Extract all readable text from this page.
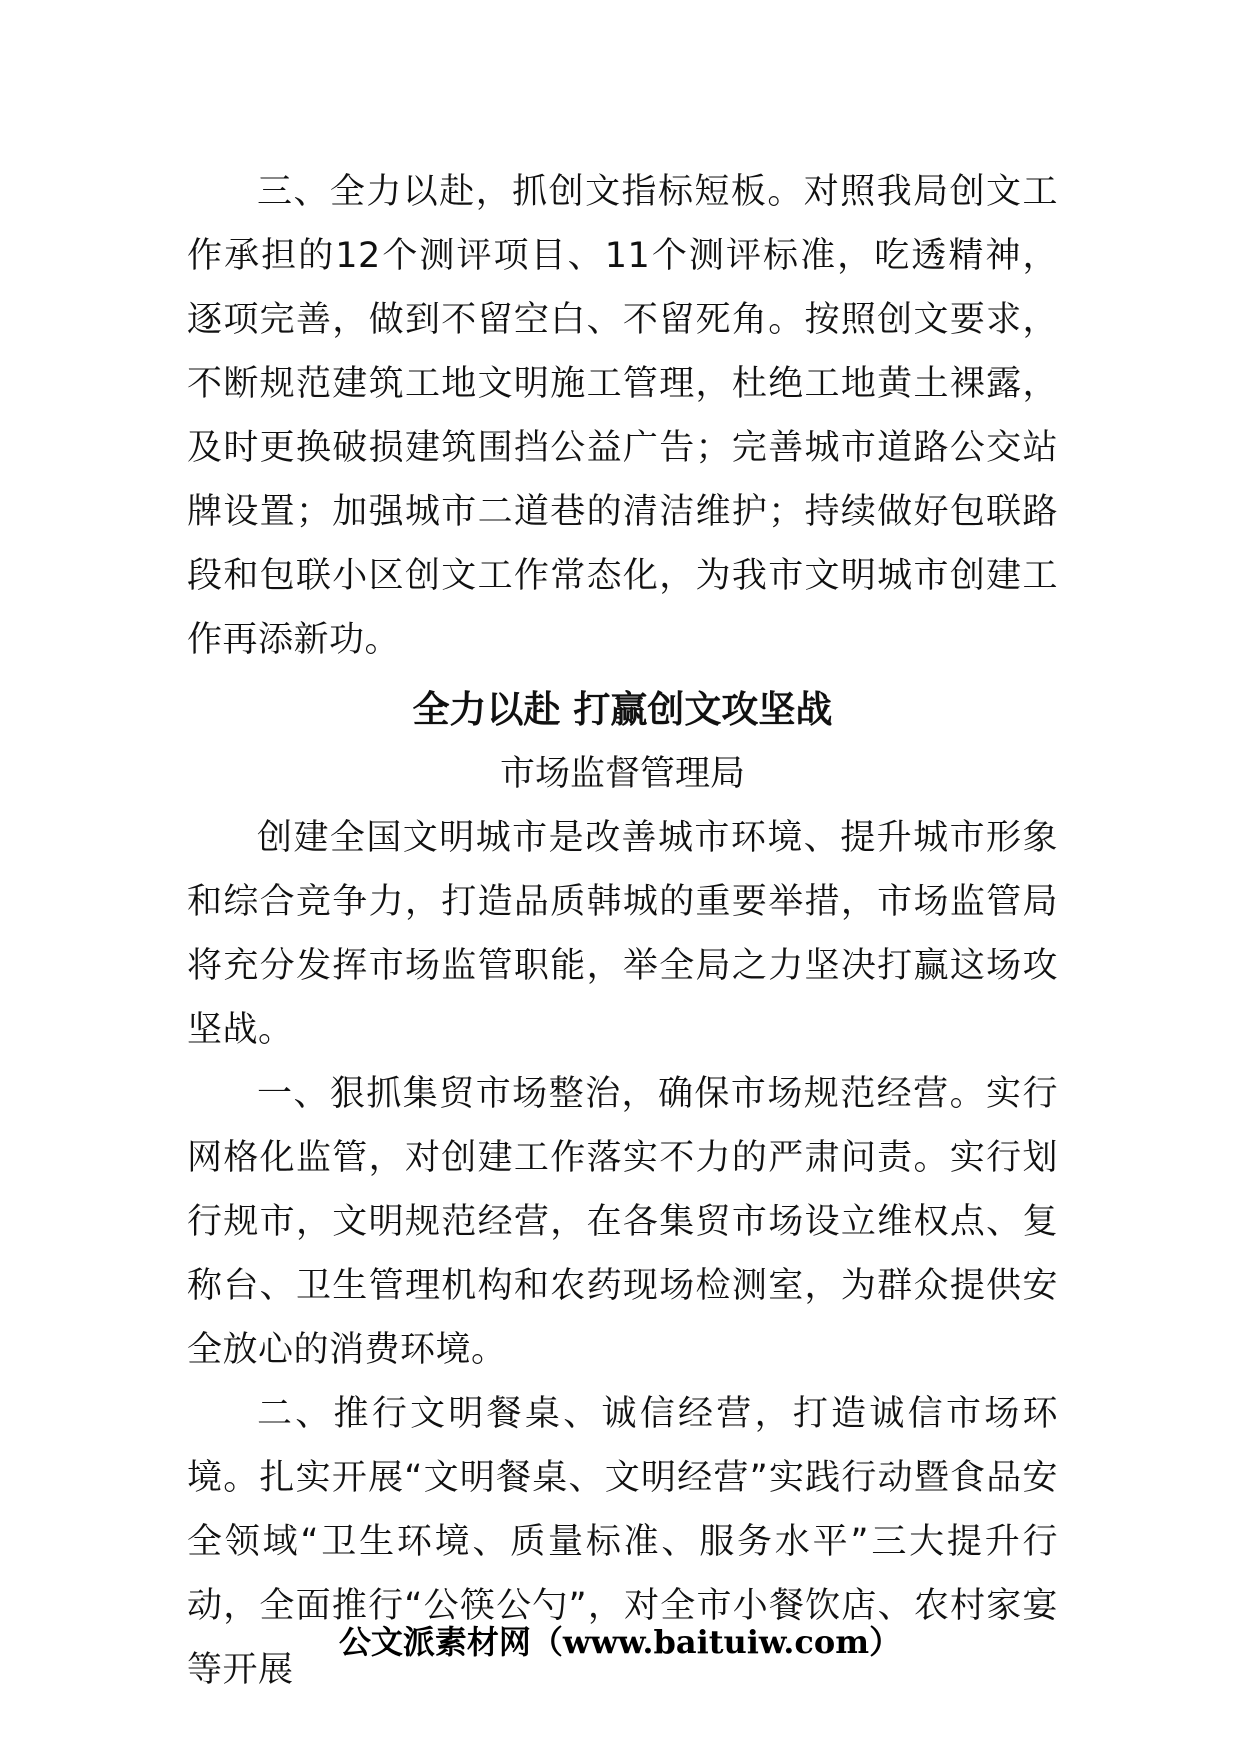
三、全力以赴，抓创文指标短板。对照我局创文工作承担的12个测评项目、11个测评标准，吃透精神，逐项完善，做到不留空白、不留死角。按照创文要求，不断规范建筑工地文明施工管理，杜绝工地黄土裸露，及时更换破损建筑围挡公益广告；完善城市道路公交站牌设置；加强城市二道巷的清洁维护；持续做好包联路段和包联小区创文工作常态化，为我市文明城市创建工作再添新功。

全力以赴 打赢创文攻坚战

市场监督管理局

创建全国文明城市是改善城市环境、提升城市形象和综合竞争力，打造品质韩城的重要举措，市场监管局将充分发挥市场监管职能，举全局之力坚决打赢这场攻坚战。

一、狠抓集贸市场整治，确保市场规范经营。实行网格化监管，对创建工作落实不力的严肃问责。实行划行规市，文明规范经营，在各集贸市场设立维权点、复称台、卫生管理机构和农药现场检测室，为群众提供安全放心的消费环境。

二、推行文明餐桌、诚信经营，打造诚信市场环境。扎实开展“文明餐桌、文明经营”实践行动暨食品安全领域“卫生环境、质量标准、服务水平”三大提升行动，全面推行“公筷公勺”，对全市小餐饮店、农村家宴等开展

公文派素材网（www.baituiw.com）
